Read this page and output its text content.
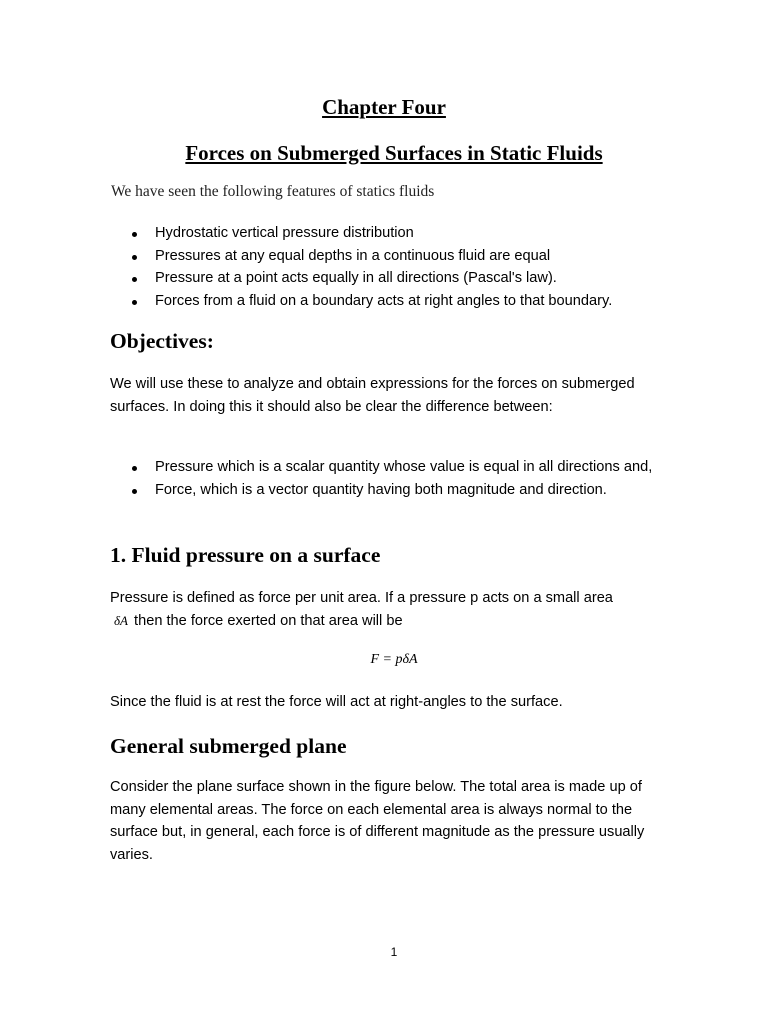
Chapter Four
Forces on Submerged Surfaces in Static Fluids
We have seen the following features of statics fluids
Hydrostatic vertical pressure distribution
Pressures at any equal depths in a continuous fluid are equal
Pressure at a point acts equally in all directions (Pascal's law).
Forces from a fluid on a boundary acts at right angles to that boundary.
Objectives:

We will use these to analyze and obtain expressions for the forces on submerged surfaces. In doing this it should also be clear the difference between:

Pressure which is a scalar quantity whose value is equal in all directions and,
Force, which is a vector quantity having both magnitude and direction.
1. Fluid pressure on a surface

Pressure is defined as force per unit area. If a pressure p acts on a small area
δA then the force exerted on that area will be

F = pδA

Since the fluid is at rest the force will act at right-angles to the surface.

General submerged plane

Consider the plane surface shown in the figure below. The total area is made up of many elemental areas. The force on each elemental area is always normal to the surface but, in general, each force is of different magnitude as the pressure usually varies.

1
